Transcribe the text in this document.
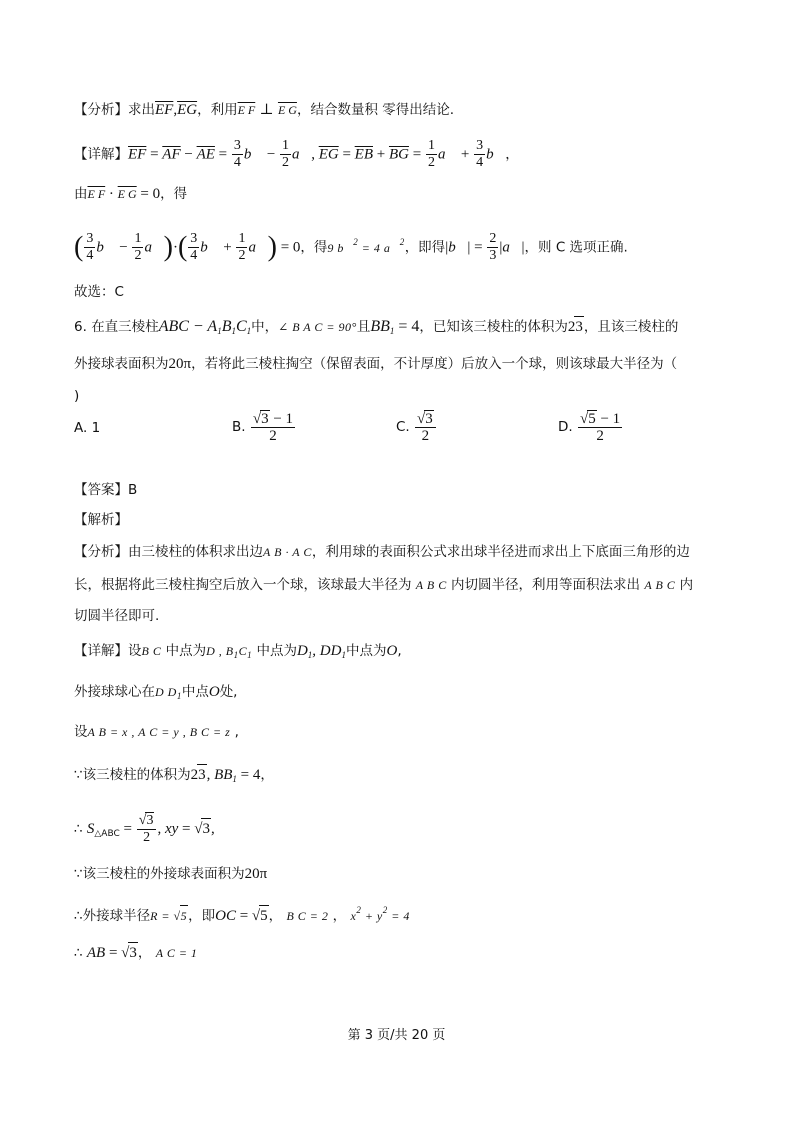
【分析】求出$\overline{EF},\overline{EG}$，利用E F ⊥ E G，结合数量积 零得出结论.
【详解】$\overline{EF} = \overline{AF} - \overline{AE} = \frac{3}{4}$ b⃗ − $\frac{1}{2}$ a⃗, $\overline{EG} = \overline{EB} + \overline{BG} = \frac{1}{2}$ a⃗ + $\frac{3}{4}$ b⃗，
由E F · E G = 0，得
( $\frac{3}{4}$ b⃗ − $\frac{1}{2}$ a⃗)·( $\frac{3}{4}$ b⃗ + $\frac{1}{2}$ a⃗) = 0，得9 b⃗$^2$ = 4 a⃗$^2$，即得|b⃗| = $\frac{2}{3}$ |a⃗|，则 C 选项正确.
故选：C
6. 在直三棱柱ABC − $A_1B_1C_1$中，∠ B A C = 90°且$BB_1 = 4$，已知该三棱柱的体积为23，且该三棱柱的
外接球表面积为20π，若将此三棱柱掏空（保留表面，不计厚度）后放入一个球，则该球最大半径为（
)
A. 1	B. $\frac{√3 - 1}{2}$	C. $\frac{√3}{2}$	D. $\frac{√5 - 1}{2}$
【答案】B
【解析】
【分析】由三棱柱的体积求出边A B · A C，利用球的表面积公式求出球半径进而求出上下底面三角形的边
长，根据将此三棱柱掏空后放入一个球，该球最大半径为 A B C 内切圆半径，利用等面积法求出 A B C 内
切圆半径即可.
【详解】设B C 中点为D , $B_1C_1$ 中点为$D_1$, $DD_1$中点为O,
外接球球心在D $D_1$中点O处,
设A B = x , A C = y , B C = z ,
∵该三棱柱的体积为23, $BB_1 = 4$，
∴ $S_{\triangle ABC} = \frac{√3}{2}$ , xy = √3,
∵该三棱柱的外接球表面积为20π
∴外接球半径R = √5，即OC = √5， B C = 2 ， $x^2 + y^2 = 4$
∴ AB = √3， A C = 1
第 3 页/共 20 页
